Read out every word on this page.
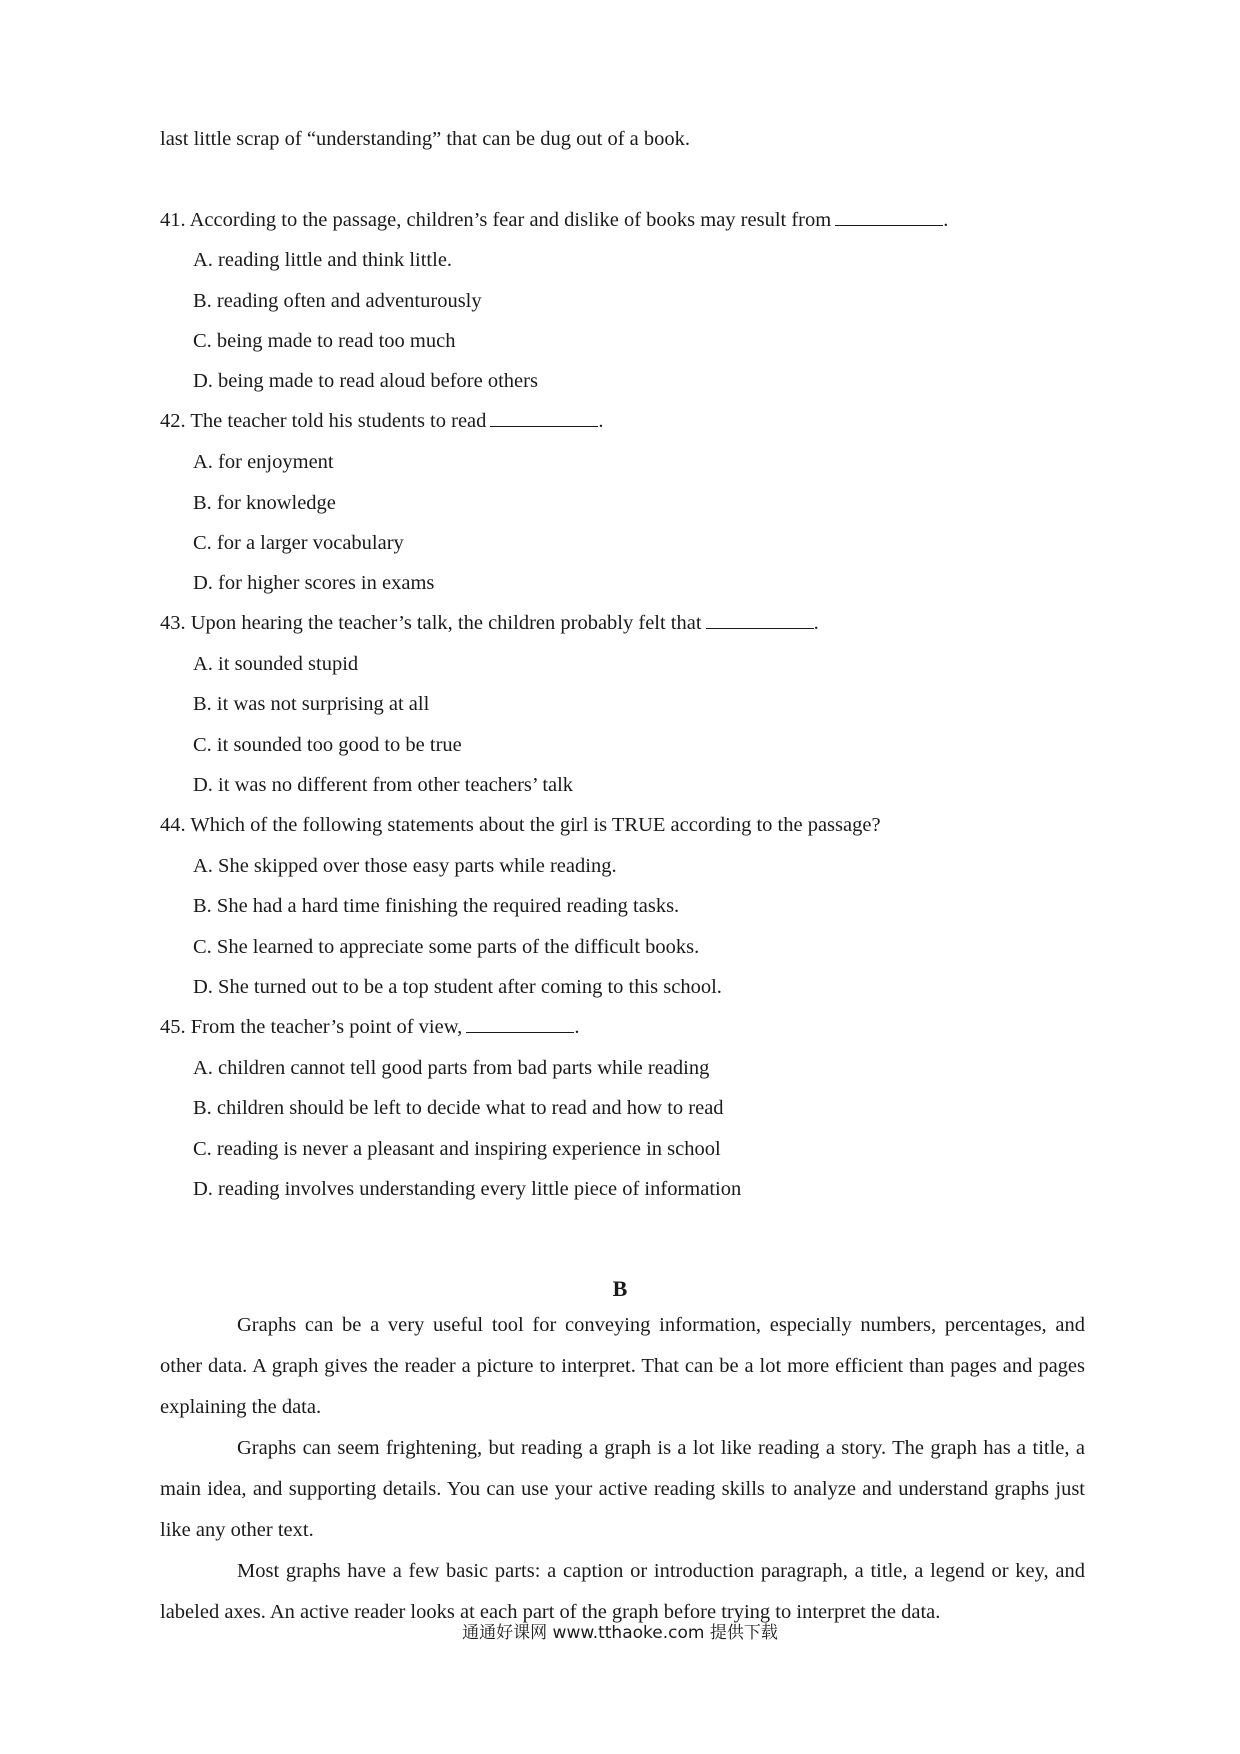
last little scrap of “understanding” that can be dug out of a book.
41. According to the passage, children’s fear and dislike of books may result from	.
A. reading little and think little.
B. reading often and adventurously
C. being made to read too much
D. being made to read aloud before others
42. The teacher told his students to read	.
A. for enjoyment
B. for knowledge
C. for a larger vocabulary
D. for higher scores in exams
43. Upon hearing the teacher’s talk, the children probably felt that	.
A. it sounded stupid
B. it was not surprising at all
C. it sounded too good to be true
D. it was no different from other teachers’ talk
44. Which of the following statements about the girl is TRUE according to the passage?
A. She skipped over those easy parts while reading.
B. She had a hard time finishing the required reading tasks.
C. She learned to appreciate some parts of the difficult books.
D. She turned out to be a top student after coming to this school.
45. From the teacher’s point of view,	.
A. children cannot tell good parts from bad parts while reading
B. children should be left to decide what to read and how to read
C. reading is never a pleasant and inspiring experience in school
D. reading involves understanding every little piece of information
B
Graphs can be a very useful tool for conveying information, especially numbers, percentages, and other data. A graph gives the reader a picture to interpret. That can be a lot more efficient than pages and pages explaining the data.
Graphs can seem frightening, but reading a graph is a lot like reading a story. The graph has a title, a main idea, and supporting details. You can use your active reading skills to analyze and understand graphs just like any other text.
Most graphs have a few basic parts: a caption or introduction paragraph, a title, a legend or key, and labeled axes. An active reader looks at each part of the graph before trying to interpret the data.
通通好课网 www.tthaoke.com 提供下载
